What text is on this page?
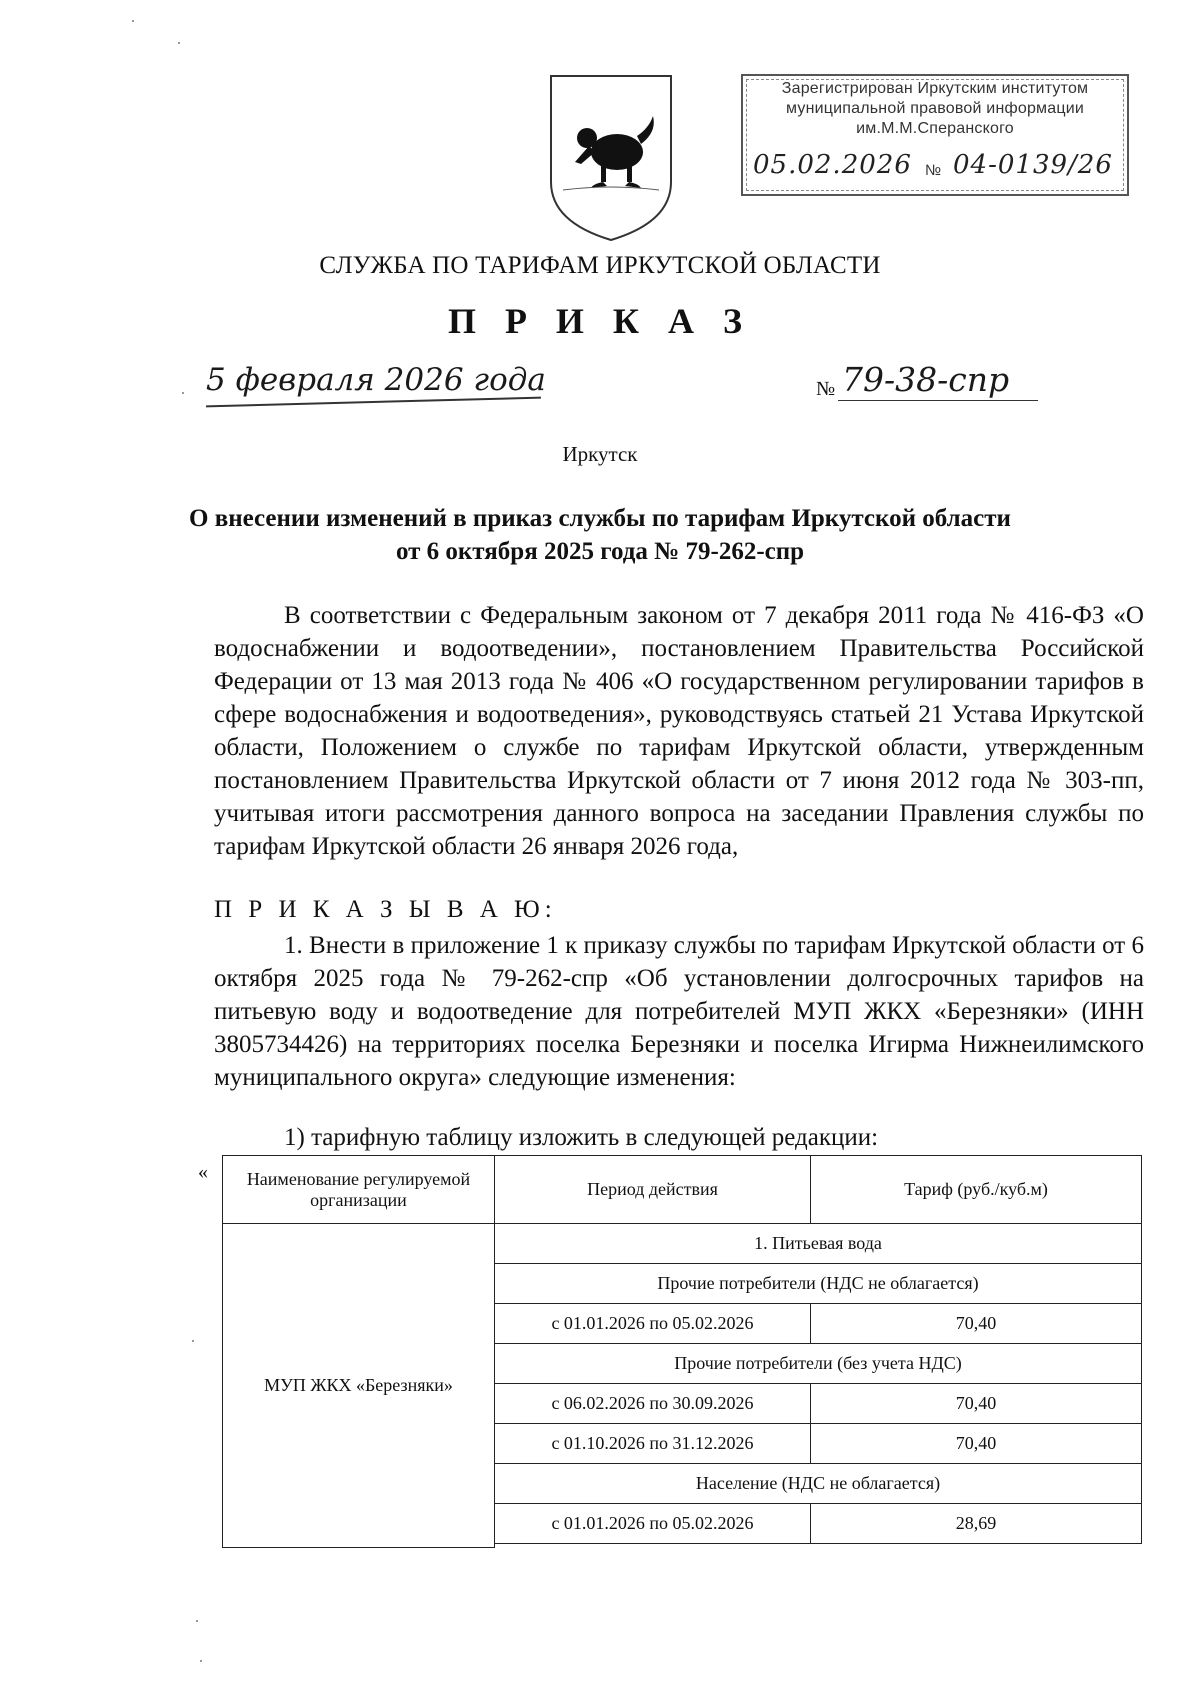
Зарегистрирован Иркутским институтом
муниципальной правовой информации
им.М.М.Сперанского
05.02.2026 № 04-0139/26
СЛУЖБА ПО ТАРИФАМ ИРКУТСКОЙ ОБЛАСТИ
П Р И К А З
5 февраля 2026 года	№ 79-38-спр
Иркутск
О внесении изменений в приказ службы по тарифам Иркутской области
от 6 октября 2025 года № 79-262-спр
В соответствии с Федеральным законом от 7 декабря 2011 года № 416-ФЗ «О водоснабжении и водоотведении», постановлением Правительства Российской Федерации от 13 мая 2013 года № 406 «О государственном регулировании тарифов в сфере водоснабжения и водоотведения», руководствуясь статьей 21 Устава Иркутской области, Положением о службе по тарифам Иркутской области, утвержденным постановлением Правительства Иркутской области от 7 июня 2012 года № 303-пп, учитывая итоги рассмотрения данного вопроса на заседании Правления службы по тарифам Иркутской области 26 января 2026 года,
П Р И К А З Ы В А Ю:
1. Внести в приложение 1 к приказу службы по тарифам Иркутской области от 6 октября 2025 года № 79-262-спр «Об установлении долгосрочных тарифов на питьевую воду и водоотведение для потребителей МУП ЖКХ «Березняки» (ИНН 3805734426) на территориях поселка Березняки и поселка Игирма Нижнеилимского муниципального округа» следующие изменения:
1) тарифную таблицу изложить в следующей редакции:
« Наименование регулируемой организации	Период действия	Тариф (руб./куб.м)
МУП ЖКХ «Березняки»	1. Питьевая вода	
	Прочие потребители (НДС не облагается)	
	с 01.01.2026 по 05.02.2026	70,40
	Прочие потребители (без учета НДС)	
	с 06.02.2026 по 30.09.2026	70,40
	с 01.10.2026 по 31.12.2026	70,40
	Население (НДС не облагается)	
	с 01.01.2026 по 05.02.2026	28,69
